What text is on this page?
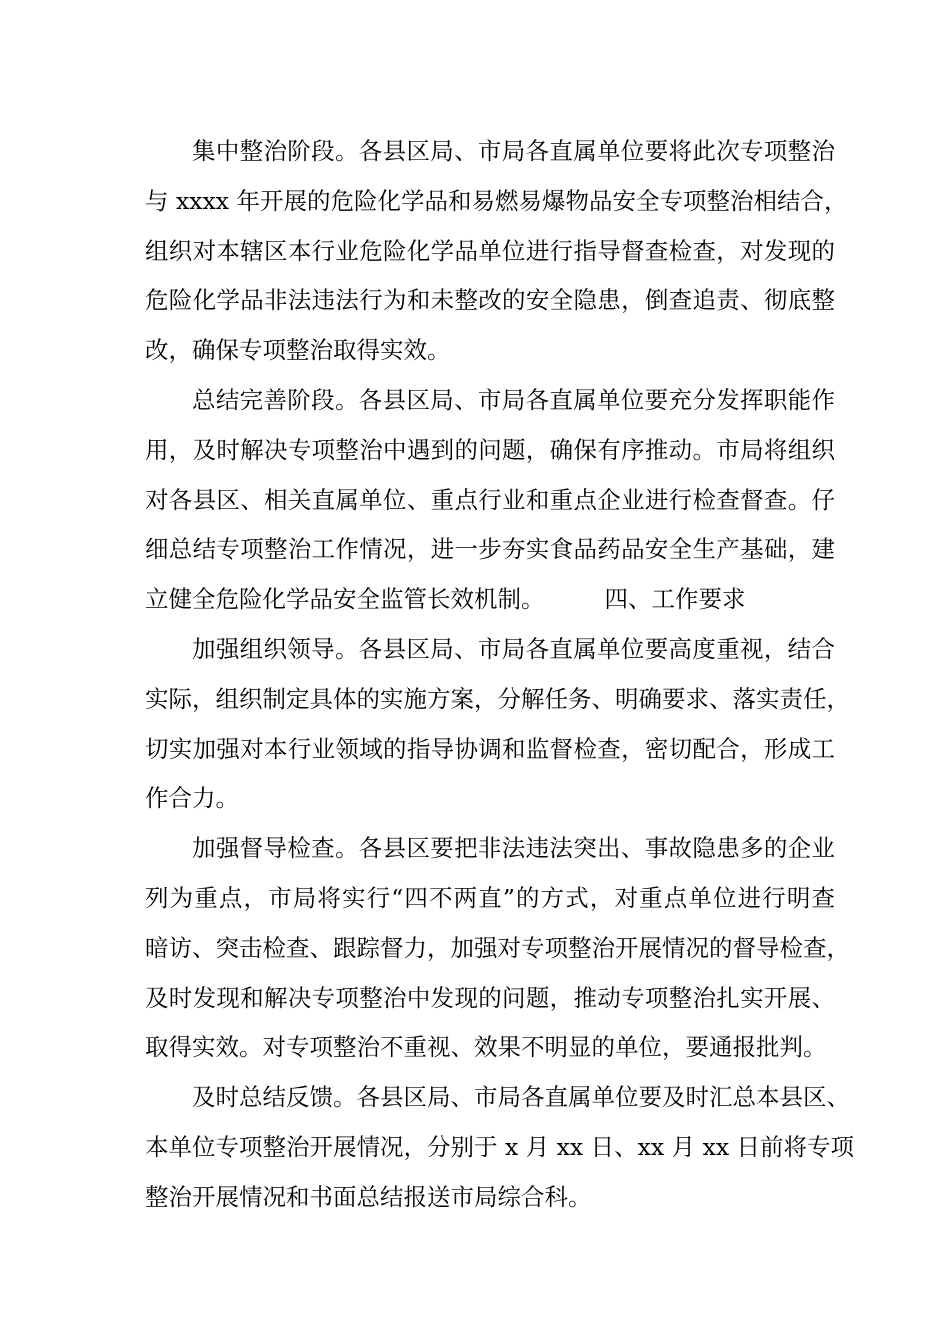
集中整治阶段。各县区局、市局各直属单位要将此次专项整治
与 xxxx 年开展的危险化学品和易燃易爆物品安全专项整治相结合，
组织对本辖区本行业危险化学品单位进行指导督查检查，对发现的
危险化学品非法违法行为和未整改的安全隐患，倒查追责、彻底整
改，确保专项整治取得实效。
总结完善阶段。各县区局、市局各直属单位要充分发挥职能作
用，及时解决专项整治中遇到的问题，确保有序推动。市局将组织
对各县区、相关直属单位、重点行业和重点企业进行检查督查。仔
细总结专项整治工作情况，进一步夯实食品药品安全生产基础，建
立健全危险化学品安全监管长效机制。	四、工作要求
加强组织领导。各县区局、市局各直属单位要高度重视，结合
实际，组织制定具体的实施方案，分解任务、明确要求、落实责任，
切实加强对本行业领域的指导协调和监督检查，密切配合，形成工
作合力。
加强督导检查。各县区要把非法违法突出、事故隐患多的企业
列为重点，市局将实行“四不两直”的方式，对重点单位进行明查
暗访、突击检查、跟踪督力，加强对专项整治开展情况的督导检查，
及时发现和解决专项整治中发现的问题，推动专项整治扎实开展、
取得实效。对专项整治不重视、效果不明显的单位，要通报批判。
及时总结反馈。各县区局、市局各直属单位要及时汇总本县区、
本单位专项整治开展情况，分别于 x 月 xx 日、xx 月 xx 日前将专项
整治开展情况和书面总结报送市局综合科。
